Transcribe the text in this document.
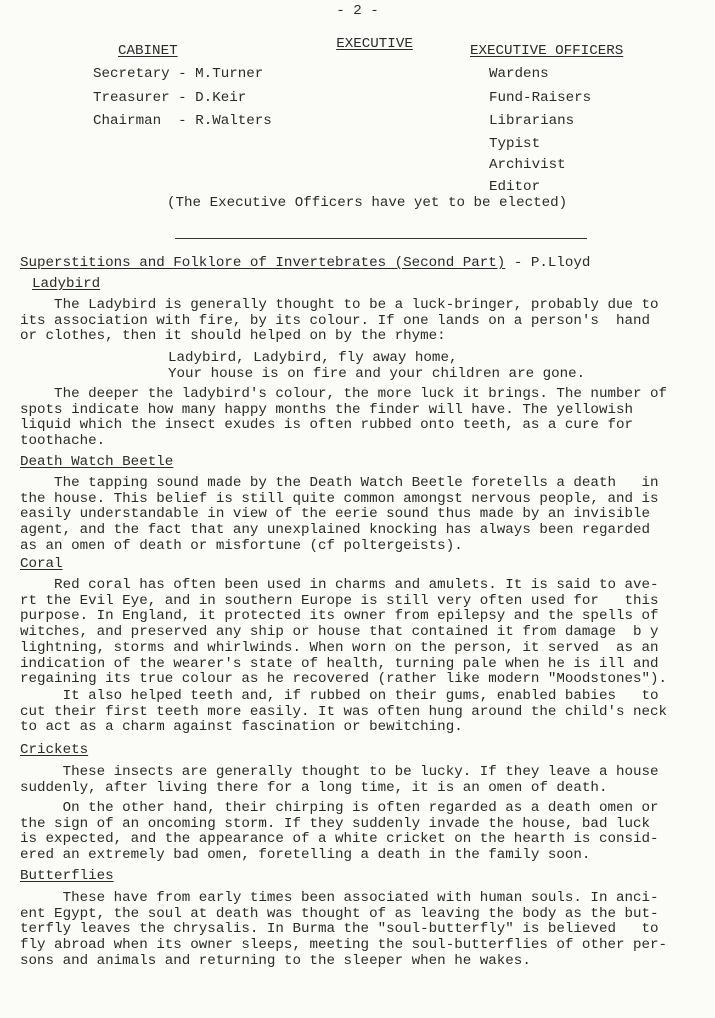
- 2 -

EXECUTIVE

CABINET
Secretary - M.Turner
Treasurer - D.Keir
Chairman  - R.Walters
EXECUTIVE OFFICERS
Wardens
Fund-Raisers
Librarians
Typist
Archivist
Editor
(The Executive Officers have yet to be elected)
Superstitions and Folklore of Invertebrates (Second Part) - P.Lloyd
Ladybird
The Ladybird is generally thought to be a luck-bringer, probably due to
its association with fire, by its colour. If one lands on a person's  hand
or clothes, then it should helped on by the rhyme:
Ladybird, Ladybird, fly away home,
Your house is on fire and your children are gone.
The deeper the ladybird's colour, the more luck it brings. The number of
spots indicate how many happy months the finder will have. The yellowish
liquid which the insect exudes is often rubbed onto teeth, as a cure for
toothache.
Death Watch Beetle
The tapping sound made by the Death Watch Beetle foretells a death   in
the house. This belief is still quite common amongst nervous people, and is
easily understandable in view of the eerie sound thus made by an invisible
agent, and the fact that any unexplained knocking has always been regarded
as an omen of death or misfortune (cf poltergeists).
Coral
Red coral has often been used in charms and amulets. It is said to ave-
rt the Evil Eye, and in southern Europe is still very often used for   this
purpose. In England, it protected its owner from epilepsy and the spells of
witches, and preserved any ship or house that contained it from damage  b y
lightning, storms and whirlwinds. When worn on the person, it served  as an
indication of the wearer's state of health, turning pale when he is ill and
regaining its true colour as he recovered (rather like modern "Moodstones").
It also helped teeth and, if rubbed on their gums, enabled babies   to
cut their first teeth more easily. It was often hung around the child's neck
to act as a charm against fascination or bewitching.
Crickets
These insects are generally thought to be lucky. If they leave a house
suddenly, after living there for a long time, it is an omen of death.
On the other hand, their chirping is often regarded as a death omen or
the sign of an oncoming storm. If they suddenly invade the house, bad luck
is expected, and the appearance of a white cricket on the hearth is consid-
ered an extremely bad omen, foretelling a death in the family soon.
Butterflies
These have from early times been associated with human souls. In anci-
ent Egypt, the soul at death was thought of as leaving the body as the but-
terfly leaves the chrysalis. In Burma the "soul-butterfly" is believed   to
fly abroad when its owner sleeps, meeting the soul-butterflies of other per-
sons and animals and returning to the sleeper when he wakes.
